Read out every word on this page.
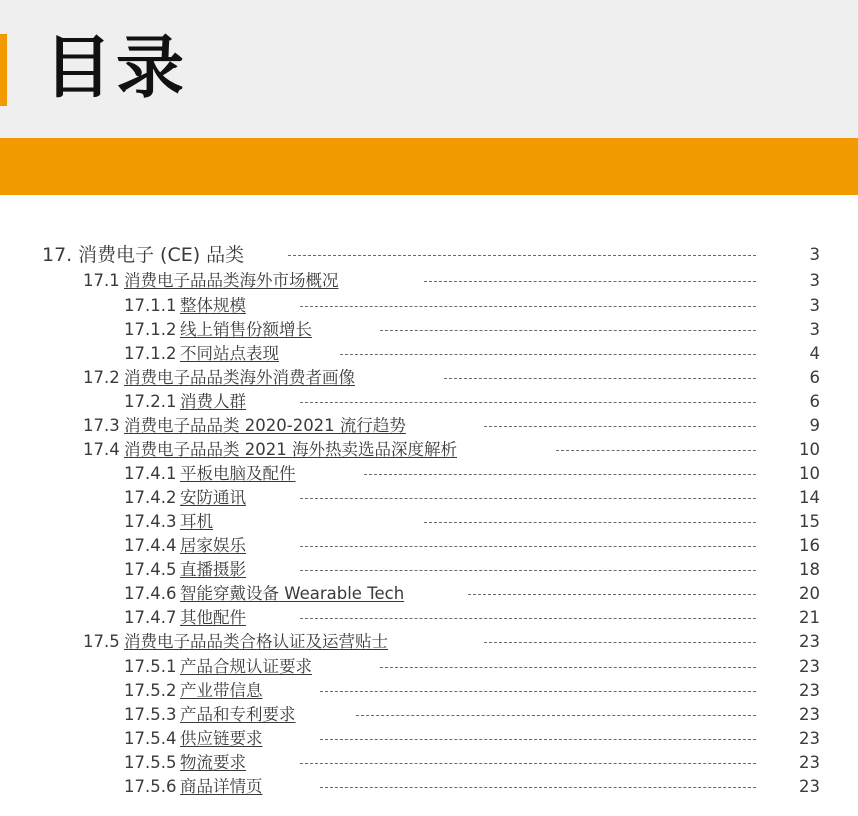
目录
17. 消费电子 (CE) 品类	3
17.1 消费电子品品类海外市场概况	3
17.1.1 整体规模	3
17.1.2 线上销售份额增长	3
17.1.2 不同站点表现	4
17.2 消费电子品品类海外消费者画像	6
17.2.1 消费人群	6
17.3 消费电子品品类 2020-2021 流行趋势	9
17.4 消费电子品品类 2021 海外热卖选品深度解析	10
17.4.1 平板电脑及配件	10
17.4.2 安防通讯	14
17.4.3 耳机	15
17.4.4 居家娱乐	16
17.4.5 直播摄影	18
17.4.6 智能穿戴设备 Wearable Tech	20
17.4.7 其他配件	21
17.5 消费电子品品类合格认证及运营贴士	23
17.5.1 产品合规认证要求	23
17.5.2 产业带信息	23
17.5.3 产品和专利要求	23
17.5.4 供应链要求	23
17.5.5 物流要求	23
17.5.6 商品详情页	23
